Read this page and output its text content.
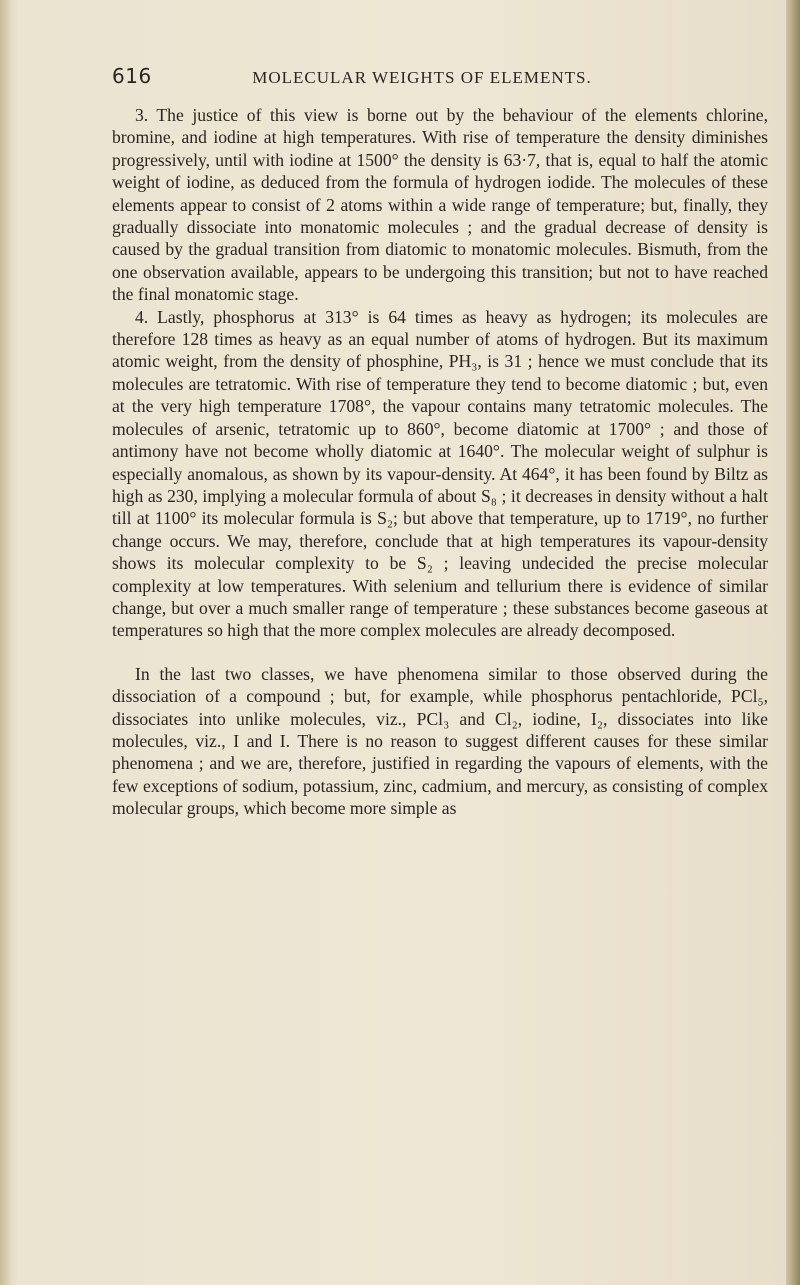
616	MOLECULAR WEIGHTS OF ELEMENTS.

3. The justice of this view is borne out by the behaviour of the elements chlorine, bromine, and iodine at high temperatures. With rise of temperature the density diminishes progressively, until with iodine at 1500° the density is 63·7, that is, equal to half the atomic weight of iodine, as deduced from the formula of hydrogen iodide. The molecules of these elements appear to consist of 2 atoms within a wide range of temperature; but, finally, they gradually dissociate into monatomic molecules ; and the gradual decrease of density is caused by the gradual transition from diatomic to monatomic molecules. Bismuth, from the one observation available, appears to be undergoing this transition; but not to have reached the final monatomic stage.

4. Lastly, phosphorus at 313° is 64 times as heavy as hydrogen; its molecules are therefore 128 times as heavy as an equal number of atoms of hydrogen. But its maximum atomic weight, from the density of phosphine, PH₃, is 31 ; hence we must conclude that its molecules are tetratomic. With rise of temperature they tend to become diatomic ; but, even at the very high temperature 1708°, the vapour contains many tetratomic molecules. The molecules of arsenic, tetratomic up to 860°, become diatomic at 1700° ; and those of antimony have not become wholly diatomic at 1640°. The molecular weight of sulphur is especially anomalous, as shown by its vapour-density. At 464°, it has been found by Biltz as high as 230, implying a molecular formula of about S₈ ; it decreases in density without a halt till at 1100° its molecular formula is S₂; but above that temperature, up to 1719°, no further change occurs. We may, therefore, conclude that at high temperatures its vapour-density shows its molecular complexity to be S₂ ; leaving undecided the precise molecular complexity at low temperatures. With selenium and tellurium there is evidence of similar change, but over a much smaller range of temperature ; these substances become gaseous at temperatures so high that the more complex molecules are already decomposed.

In the last two classes, we have phenomena similar to those observed during the dissociation of a compound ; but, for example, while phosphorus pentachloride, PCl₅, dissociates into unlike molecules, viz., PCl₃ and Cl₂, iodine, I₂, dissociates into like molecules, viz., I and I. There is no reason to suggest different causes for these similar phenomena ; and we are, therefore, justified in regarding the vapours of elements, with the few exceptions of sodium, potassium, zinc, cadmium, and mercury, as consisting of complex molecular groups, which become more simple as
